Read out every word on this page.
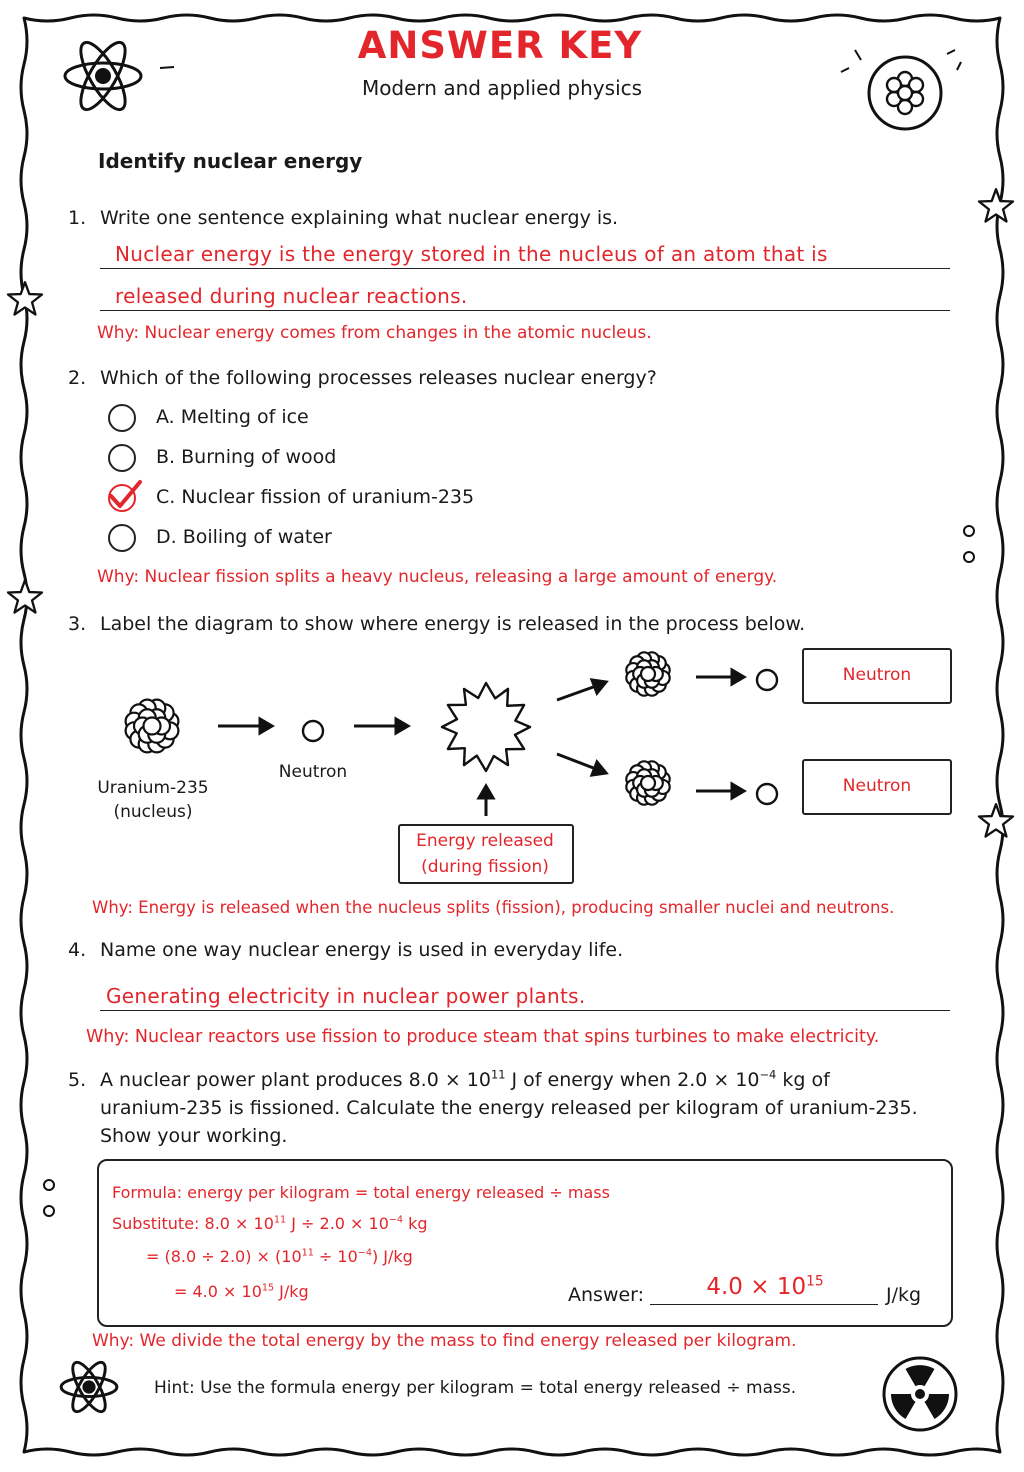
ANSWER KEY
Modern and applied physics
Identify nuclear energy
1. Write one sentence explaining what nuclear energy is.
Nuclear energy is the energy stored in the nucleus of an atom that is
released during nuclear reactions.
Why: Nuclear energy comes from changes in the atomic nucleus.
2. Which of the following processes releases nuclear energy?
A. Melting of ice
B. Burning of wood
C. Nuclear fission of uranium-235
D. Boiling of water
Why: Nuclear fission splits a heavy nucleus, releasing a large amount of energy.
3. Label the diagram to show where energy is released in the process below.
Uranium-235
(nucleus)
Neutron
Energy released
(during fission)
Neutron
Neutron
Why: Energy is released when the nucleus splits (fission), producing smaller nuclei and neutrons.
4. Name one way nuclear energy is used in everyday life.
Generating electricity in nuclear power plants.
Why: Nuclear reactors use fission to produce steam that spins turbines to make electricity.
5. A nuclear power plant produces $8.0 \times 10^{11}$ J of energy when $2.0 \times 10^{-4}$ kg of
uranium-235 is fissioned. Calculate the energy released per kilogram of uranium-235.
Show your working.
Formula: energy per kilogram = total energy released ÷ mass
Substitute: $8.0 \times 10^{11}$ $J \div 2.0 \times 10^{-4}$ kg
= $(8.0 \div 2.0) \times (10^{11} \div 10^{-4})$ J/kg
= $4.0 \times 10^{15}$ J/kg	Answer:	$4.0 \times 10^{15}$
J/kg
Why: We divide the total energy by the mass to find energy released per kilogram.
Hint: Use the formula energy per kilogram = total energy released ÷ mass.
